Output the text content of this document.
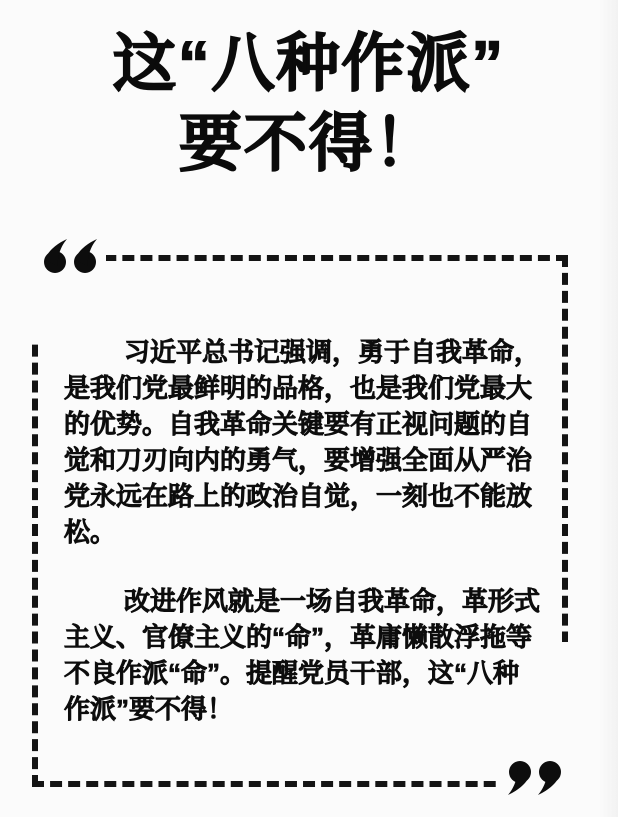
这“八种作派”
要不得！
习近平总书记强调，勇于自我革命，
是我们党最鲜明的品格，也是我们党最大
的优势。自我革命关键要有正视问题的自
觉和刀刃向内的勇气，要增强全面从严治
党永远在路上的政治自觉，一刻也不能放
松。
改进作风就是一场自我革命，革形式
主义、官僚主义的“命”，革庸懒散浮拖等
不良作派“命”。提醒党员干部，这“八种
作派”要不得！
